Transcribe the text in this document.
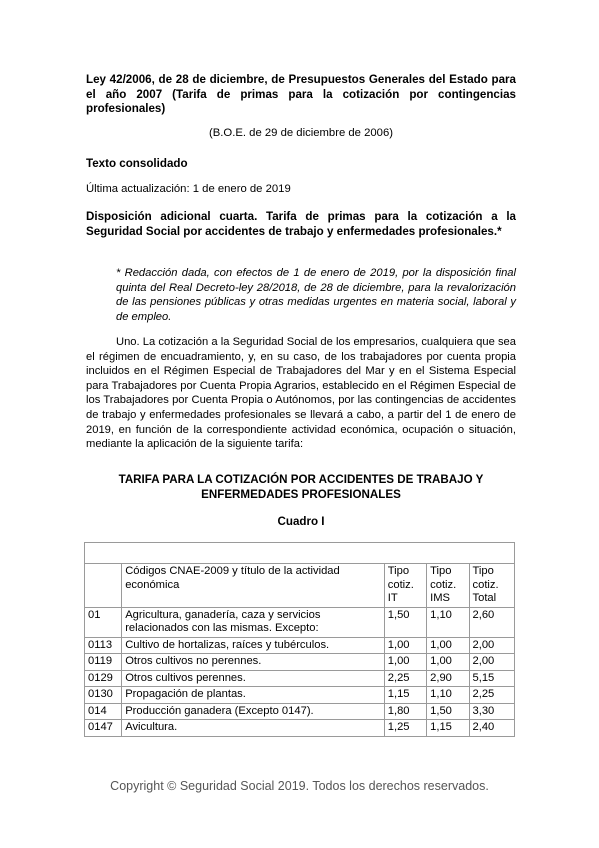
Ley 42/2006, de 28 de diciembre, de Presupuestos Generales del Estado para el año 2007 (Tarifa de primas para la cotización por contingencias profesionales)
(B.O.E. de 29 de diciembre de 2006)
Texto consolidado
Última actualización: 1 de enero de 2019
Disposición adicional cuarta. Tarifa de primas para la cotización a la Seguridad Social por accidentes de trabajo y enfermedades profesionales.*
* Redacción dada, con efectos de 1 de enero de 2019, por la disposición final quinta del Real Decreto-ley 28/2018, de 28 de diciembre, para la revalorización de las pensiones públicas y otras medidas urgentes en materia social, laboral y de empleo.
Uno. La cotización a la Seguridad Social de los empresarios, cualquiera que sea el régimen de encuadramiento, y, en su caso, de los trabajadores por cuenta propia incluidos en el Régimen Especial de Trabajadores del Mar y en el Sistema Especial para Trabajadores por Cuenta Propia Agrarios, establecido en el Régimen Especial de los Trabajadores por Cuenta Propia o Autónomos, por las contingencias de accidentes de trabajo y enfermedades profesionales se llevará a cabo, a partir del 1 de enero de 2019, en función de la correspondiente actividad económica, ocupación o situación, mediante la aplicación de la siguiente tarifa:
TARIFA PARA LA COTIZACIÓN POR ACCIDENTES DE TRABAJO Y ENFERMEDADES PROFESIONALES
Cuadro I

	Códigos CNAE-2009 y título de la actividad económica	Tipo cotiz. IT	Tipo cotiz. IMS	Tipo cotiz. Total
01	Agricultura, ganadería, caza y servicios relacionados con las mismas. Excepto:	1,50	1,10	2,60
0113	Cultivo de hortalizas, raíces y tubérculos.	1,00	1,00	2,00
0119	Otros cultivos no perennes.	1,00	1,00	2,00
0129	Otros cultivos perennes.	2,25	2,90	5,15
0130	Propagación de plantas.	1,15	1,10	2,25
014	Producción ganadera (Excepto 0147).	1,80	1,50	3,30
0147	Avicultura.	1,25	1,15	2,40
Copyright © Seguridad Social 2019. Todos los derechos reservados.
